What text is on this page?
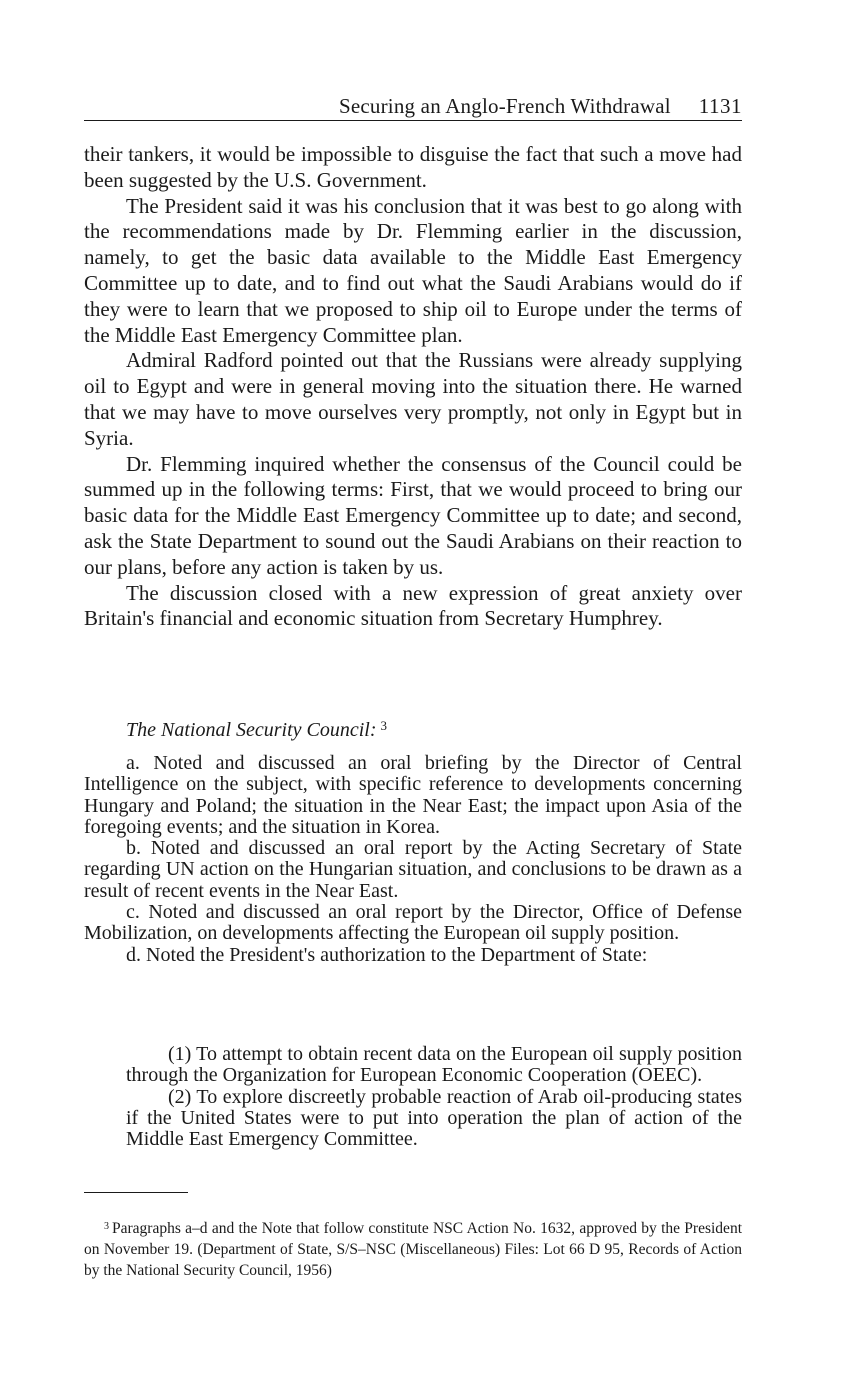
Securing an Anglo-French Withdrawal 1131

their tankers, it would be impossible to disguise the fact that such a move had been suggested by the U.S. Government.

The President said it was his conclusion that it was best to go along with the recommendations made by Dr. Flemming earlier in the discussion, namely, to get the basic data available to the Middle East Emergency Committee up to date, and to find out what the Saudi Arabians would do if they were to learn that we proposed to ship oil to Europe under the terms of the Middle East Emergency Committee plan.

Admiral Radford pointed out that the Russians were already supplying oil to Egypt and were in general moving into the situation there. He warned that we may have to move ourselves very promptly, not only in Egypt but in Syria.

Dr. Flemming inquired whether the consensus of the Council could be summed up in the following terms: First, that we would proceed to bring our basic data for the Middle East Emergency Committee up to date; and second, ask the State Department to sound out the Saudi Arabians on their reaction to our plans, before any action is taken by us.

The discussion closed with a new expression of great anxiety over Britain's financial and economic situation from Secretary Humphrey.

The National Security Council: $^3$

a. Noted and discussed an oral briefing by the Director of Central Intelligence on the subject, with specific reference to developments concerning Hungary and Poland; the situation in the Near East; the impact upon Asia of the foregoing events; and the situation in Korea.

b. Noted and discussed an oral report by the Acting Secretary of State regarding UN action on the Hungarian situation, and conclusions to be drawn as a result of recent events in the Near East.

c. Noted and discussed an oral report by the Director, Office of Defense Mobilization, on developments affecting the European oil supply position.

d. Noted the President's authorization to the Department of State:

(1) To attempt to obtain recent data on the European oil supply position through the Organization for European Economic Cooperation (OEEC).

(2) To explore discreetly probable reaction of Arab oil-producing states if the United States were to put into operation the plan of action of the Middle East Emergency Committee.

$^3$ Paragraphs a–d and the Note that follow constitute NSC Action No. 1632, approved by the President on November 19. (Department of State, S/S–NSC (Miscellaneous) Files: Lot 66 D 95, Records of Action by the National Security Council, 1956)
